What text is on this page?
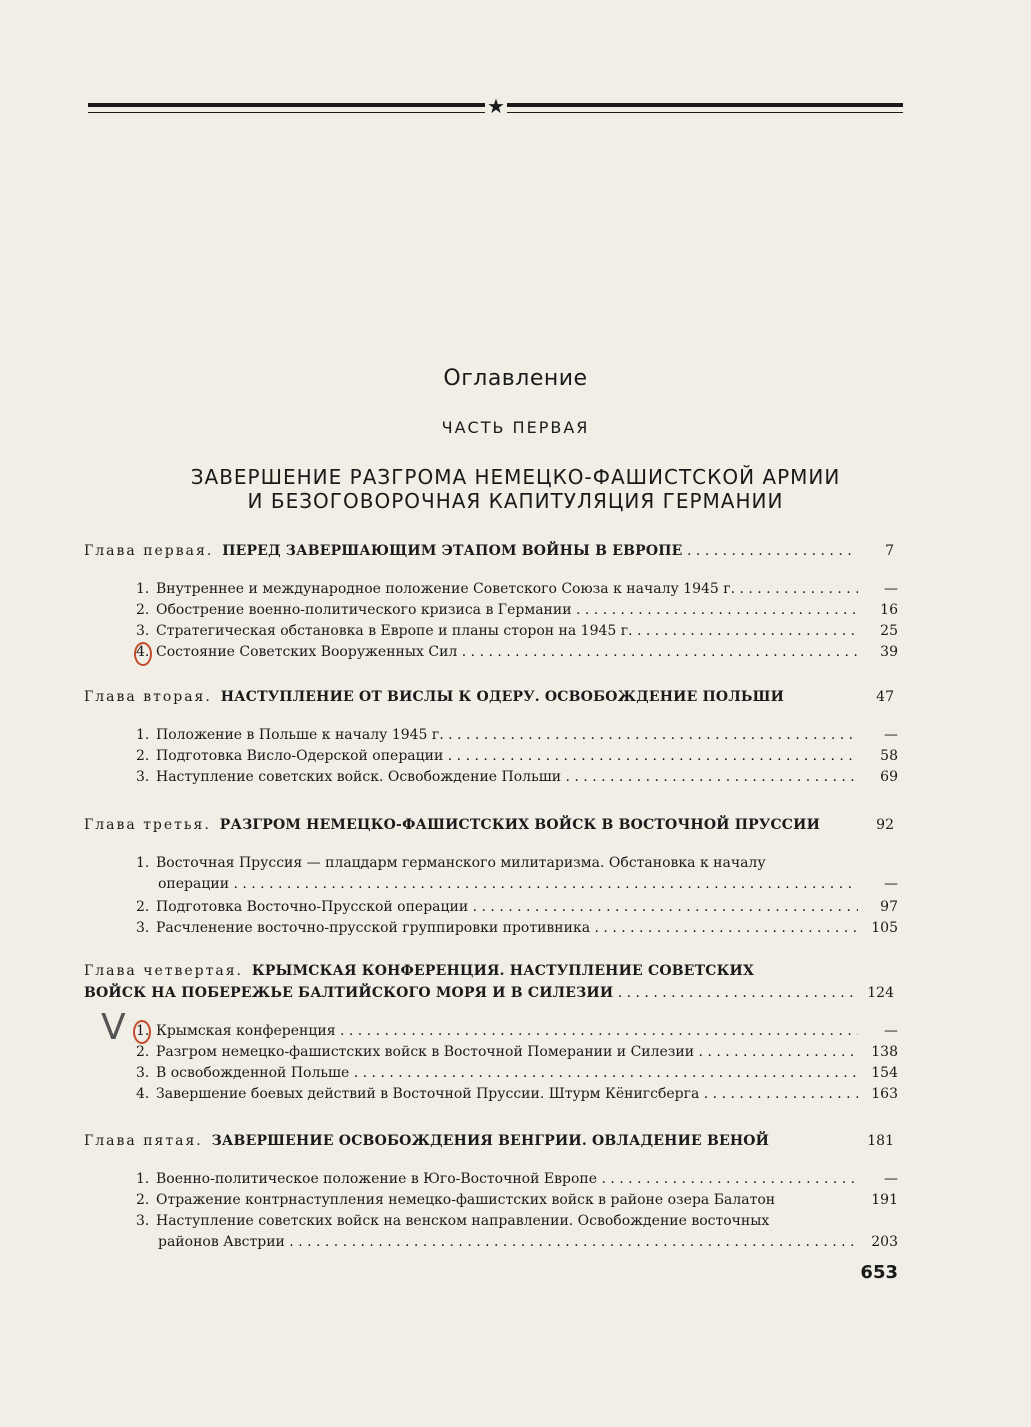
★
Оглавление
ЧАСТЬ ПЕРВАЯ
ЗАВЕРШЕНИЕ РАЗГРОМА НЕМЕЦКО-ФАШИСТСКОЙ АРМИИ
И БЕЗОГОВОРОЧНАЯ КАПИТУЛЯЦИЯ ГЕРМАНИИ
Глава первая. ПЕРЕД ЗАВЕРШАЮЩИМ ЭТАПОМ ВОЙНЫ В ЕВРОПЕ . . .	7
1. Внутреннее и международное положение Советского Союза к началу 1945 г. . . .	—
2. Обострение военно-политического кризиса в Германии . . .	16
3. Стратегическая обстановка в Европе и планы сторон на 1945 г. . . .	25
4. Состояние Советских Вооруженных Сил . . .	39
Глава вторая. НАСТУПЛЕНИЕ ОТ ВИСЛЫ К ОДЕРУ. ОСВОБОЖДЕНИЕ ПОЛЬШИ	47
1. Положение в Польше к началу 1945 г. . . .	—
2. Подготовка Висло-Одерской операции . . .	58
3. Наступление советских войск. Освобождение Польши . . .	69
Глава третья. РАЗГРОМ НЕМЕЦКО-ФАШИСТСКИХ ВОЙСК В ВОСТОЧНОЙ ПРУССИИ	92
1. Восточная Пруссия — плацдарм германского милитаризма. Обстановка к началу
операции . . .	—
2. Подготовка Восточно-Прусской операции . . .	97
3. Расчленение восточно-прусской группировки противника . . .	105
Глава четвертая. КРЫМСКАЯ КОНФЕРЕНЦИЯ. НАСТУПЛЕНИЕ СОВЕТСКИХ
ВОЙСК НА ПОБЕРЕЖЬЕ БАЛТИЙСКОГО МОРЯ И В СИЛЕЗИИ . . .	124
V 1. Крымская конференция . . .	—
2. Разгром немецко-фашистских войск в Восточной Померании и Силезии . . .	138
3. В освобожденной Польше . . .	154
4. Завершение боевых действий в Восточной Пруссии. Штурм Кёнигсберга . . .	163
Глава пятая. ЗАВЕРШЕНИЕ ОСВОБОЖДЕНИЯ ВЕНГРИИ. ОВЛАДЕНИЕ ВЕНОЙ	181
1. Военно-политическое положение в Юго-Восточной Европе . . .	—
2. Отражение контрнаступления немецко-фашистских войск в районе озера Балатон	191
3. Наступление советских войск на венском направлении. Освобождение восточных
районов Австрии . . .	203
653
